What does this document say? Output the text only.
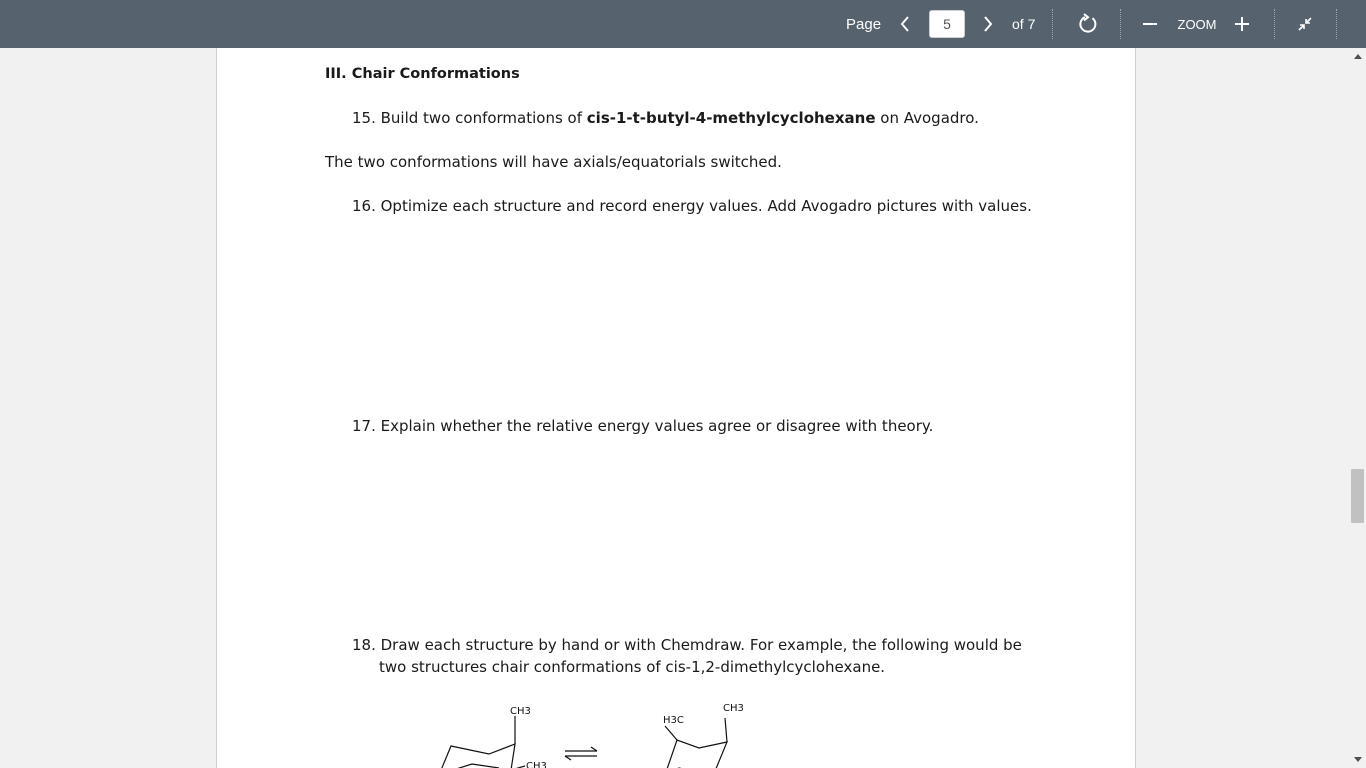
Page
5	of 7	ZOOM
III. Chair Conformations
15. Build two conformations of cis-1-t-butyl-4-methylcyclohexane on Avogadro.
The two conformations will have axials/equatorials switched.
16. Optimize each structure and record energy values. Add Avogadro pictures with values.
17. Explain whether the relative energy values agree or disagree with theory.
18. Draw each structure by hand or with Chemdraw. For example, the following would be
two structures chair conformations of cis-1,2-dimethylcyclohexane.
CH3
CH3
H3C
CH3
